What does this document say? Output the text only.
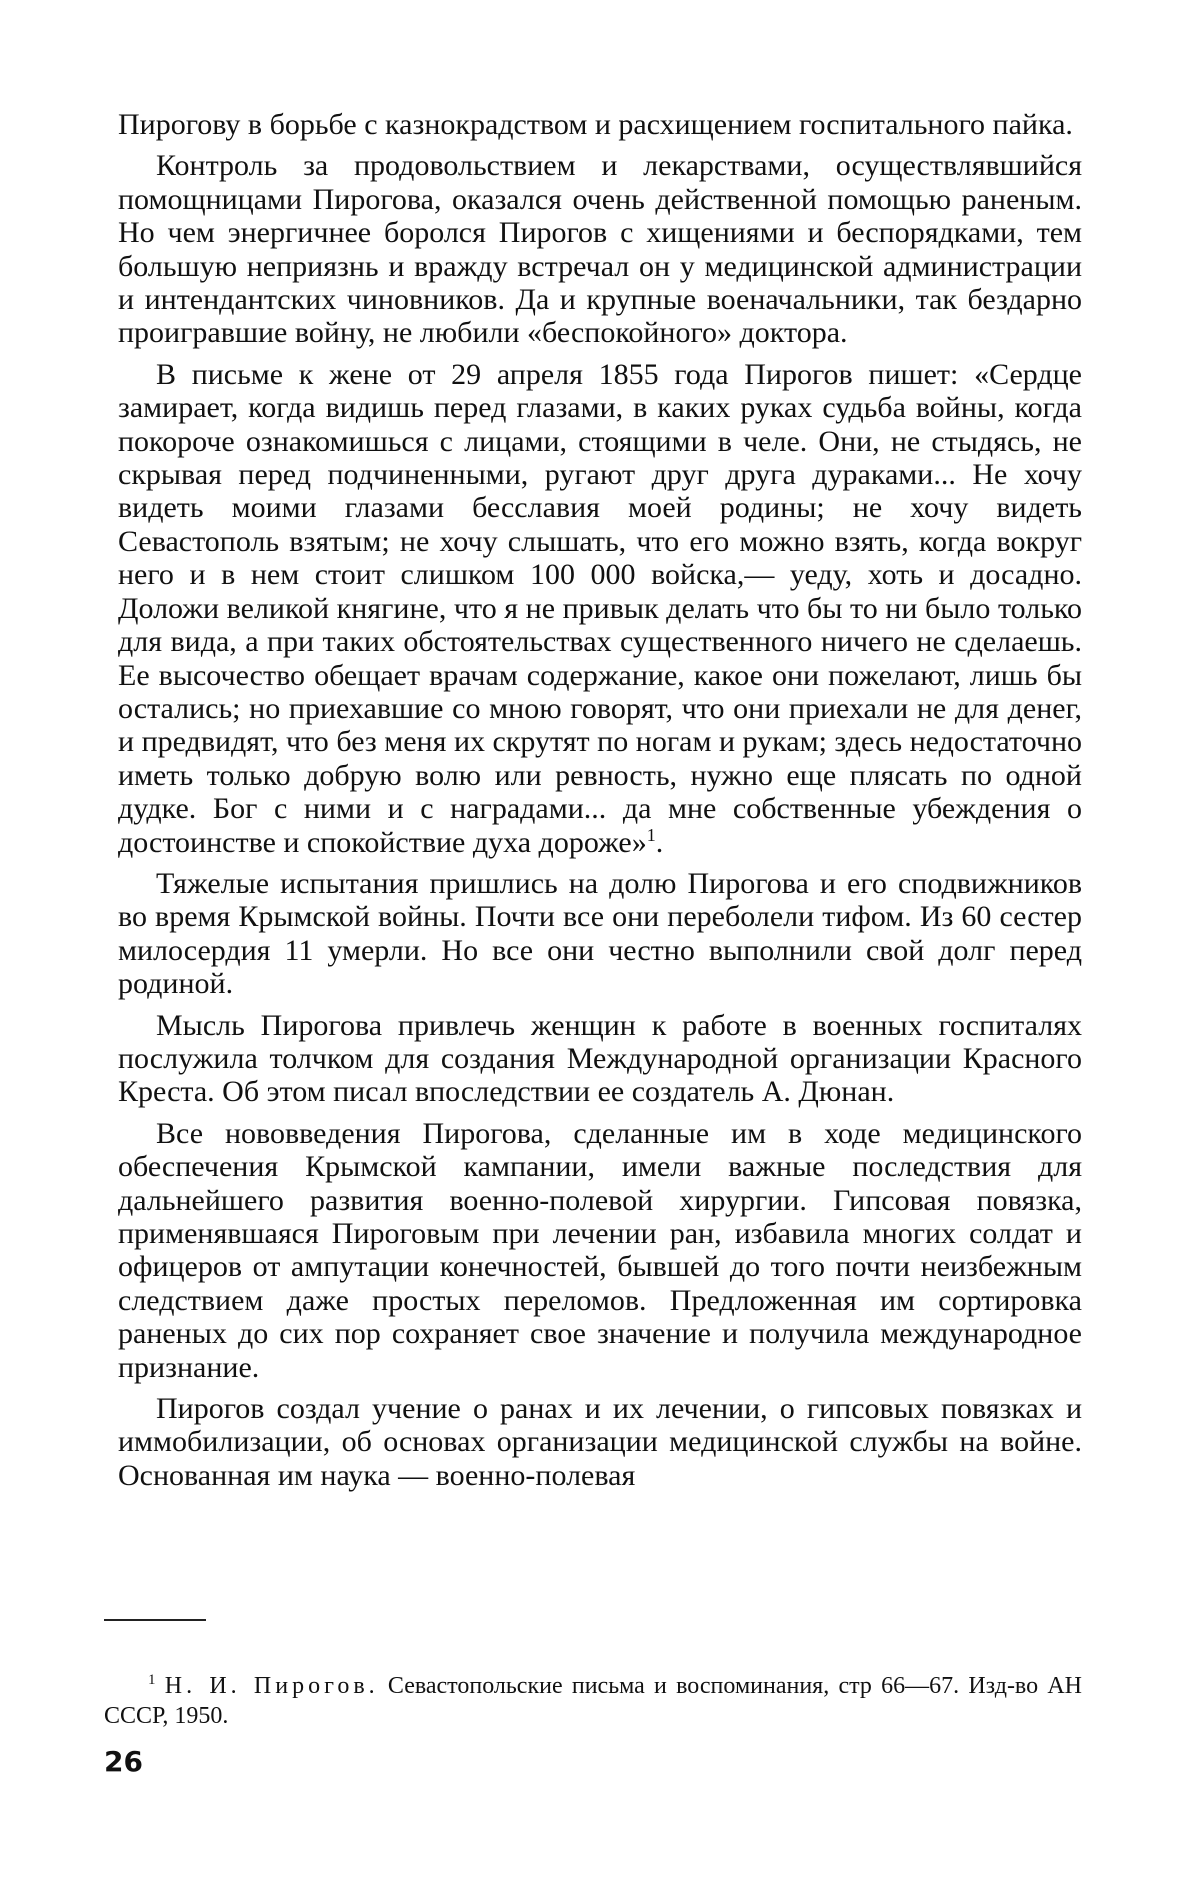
Пирогову в борьбе с казнокрадством и расхищением госпиталь­ного пайка.

Контроль за продовольствием и лекарствами, осуществляв­шийся помощницами Пирогова, оказался очень действенной помощью раненым. Но чем энергичнее боролся Пирогов с хи­щениями и беспорядками, тем большую неприязнь и вражду встречал он у медицинской администрации и интендантских чиновников. Да и крупные военачальники, так бездарно про­игравшие войну, не любили «беспокойного» доктора.

В письме к жене от 29 апреля 1855 года Пирогов пишет: «Сердце замирает, когда видишь перед глазами, в каких руках судьба войны, когда покороче ознакомишься с лицами, стоя­щими в челе. Они, не стыдясь, не скрывая перед подчиненными, ругают друг друга дураками... Не хочу видеть моими глазами бесславия моей родины; не хочу видеть Севастополь взятым; не хочу слышать, что его можно взять, когда вокруг него и в нем стоит слишком 100 000 войска,— уеду, хоть и досадно. Доложи великой княгине, что я не привык делать что бы то ни было только для вида, а при таких обстоятельствах существен­ного ничего не сделаешь. Ее высочество обещает врачам содер­жание, какое они пожелают, лишь бы остались; но приехавшие со мною говорят, что они приехали не для денег, и предвидят, что без меня их скрутят по ногам и рукам; здесь недостаточно иметь только добрую волю или ревность, нужно еще плясать по одной дудке. Бог с ними и с наградами... да мне собственные убеждения о достоинстве и спокойствие духа дороже»1.

Тяжелые испытания пришлись на долю Пирогова и его сподвижников во время Крымской войны. Почти все они пере­болели тифом. Из 60 сестер милосердия 11 умерли. Но все они честно выполнили свой долг перед родиной.

Мысль Пирогова привлечь женщин к работе в военных госпиталях послужила толчком для создания Международной организации Красного Креста. Об этом писал впоследствии ее создатель А. Дюнан.

Все нововведения Пирогова, сделанные им в ходе медицин­ского обеспечения Крымской кампании, имели важные послед­ствия для дальнейшего развития военно-полевой хирургии. Гипсовая повязка, применявшаяся Пироговым при лечении ран, избавила многих солдат и офицеров от ампутации конечностей, бывшей до того почти неизбежным следствием даже простых переломов. Предложенная им сортировка раненых до сих пор сохраняет свое значение и получила международное признание.

Пирогов создал учение о ранах и их лечении, о гипсовых повязках и иммобилизации, об основах организации медицин­ской службы на войне. Основанная им наука — военно-полевая

1 Н. И. Пирогов. Севастопольские письма и воспоминания, стр 66—67. Изд-во АН СССР, 1950.
26
